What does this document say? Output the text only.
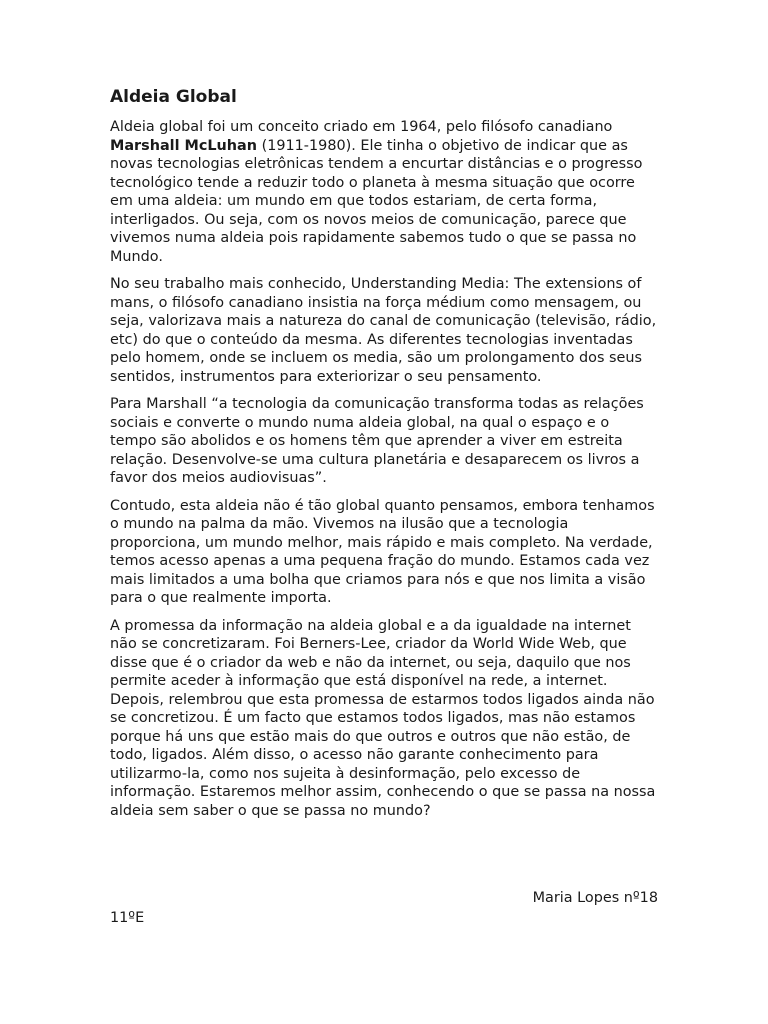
Aldeia Global

Aldeia global foi um conceito criado em 1964, pelo filósofo canadiano Marshall McLuhan (1911-1980). Ele tinha o objetivo de indicar que as novas tecnologias eletrônicas tendem a encurtar distâncias e o progresso tecnológico tende a reduzir todo o planeta à mesma situação que ocorre em uma aldeia: um mundo em que todos estariam, de certa forma, interligados. Ou seja, com os novos meios de comunicação, parece que vivemos numa aldeia pois rapidamente sabemos tudo o que se passa no Mundo.

No seu trabalho mais conhecido, Understanding Media: The extensions of mans, o filósofo canadiano insistia na força médium como mensagem, ou seja, valorizava mais a natureza do canal de comunicação (televisão, rádio, etc) do que o conteúdo da mesma. As diferentes tecnologias inventadas pelo homem, onde se incluem os media, são um prolongamento dos seus sentidos, instrumentos para exteriorizar o seu pensamento.

Para Marshall “a tecnologia da comunicação transforma todas as relações sociais e converte o mundo numa aldeia global, na qual o espaço e o tempo são abolidos e os homens têm que aprender a viver em estreita relação. Desenvolve-se uma cultura planetária e desaparecem os livros a favor dos meios audiovisuas”.

Contudo, esta aldeia não é tão global quanto pensamos, embora tenhamos o mundo na palma da mão. Vivemos na ilusão que a tecnologia proporciona, um mundo melhor, mais rápido e mais completo. Na verdade, temos acesso apenas a uma pequena fração do mundo. Estamos cada vez mais limitados a uma bolha que criamos para nós e que nos limita a visão para o que realmente importa.

A promessa da informação na aldeia global e a da igualdade na internet não se concretizaram. Foi Berners-Lee, criador da World Wide Web, que disse que é o criador da web e não da internet, ou seja, daquilo que nos permite aceder à informação que está disponível na rede, a internet. Depois, relembrou que esta promessa de estarmos todos ligados ainda não se concretizou. É um facto que estamos todos ligados, mas não estamos porque há uns que estão mais do que outros e outros que não estão, de todo, ligados. Além disso, o acesso não garante conhecimento para utilizarmo-la, como nos sujeita à desinformação, pelo excesso de informação. Estaremos melhor assim, conhecendo o que se passa na nossa aldeia sem saber o que se passa no mundo?

Maria Lopes nº18
11ºE
